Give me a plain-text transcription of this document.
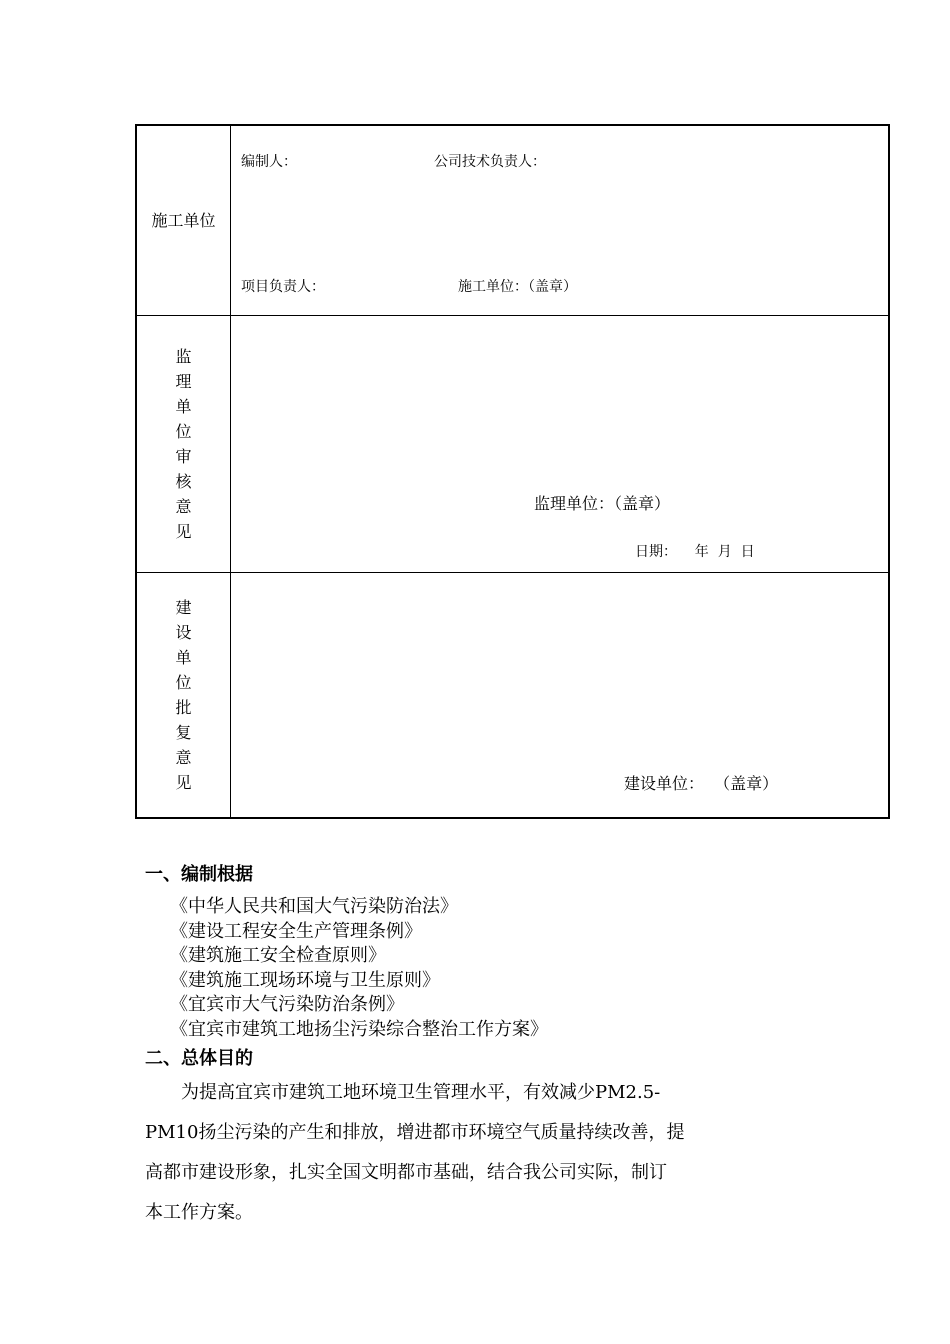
施工单位
编制人：	公司技术负责人：
项目负责人：	施工单位：（盖章）
监
理
单
位
审
核
意
见
监理单位：（盖章）
日期：    年  月  日
建
设
单
位
批
复
意
见	建设单位：  （盖章）
一、编制根据
《中华人民共和国大气污染防治法》
《建设工程安全生产管理条例》
《建筑施工安全检查原则》
《建筑施工现场环境与卫生原则》
《宜宾市大气污染防治条例》
《宜宾市建筑工地扬尘污染综合整治工作方案》
二、总体目的
　　为提高宜宾市建筑工地环境卫生管理水平，有效减少PM2.5-
PM10扬尘污染的产生和排放，增进都市环境空气质量持续改善，提
高都市建设形象，扎实全国文明都市基础，结合我公司实际，制订
本工作方案。
